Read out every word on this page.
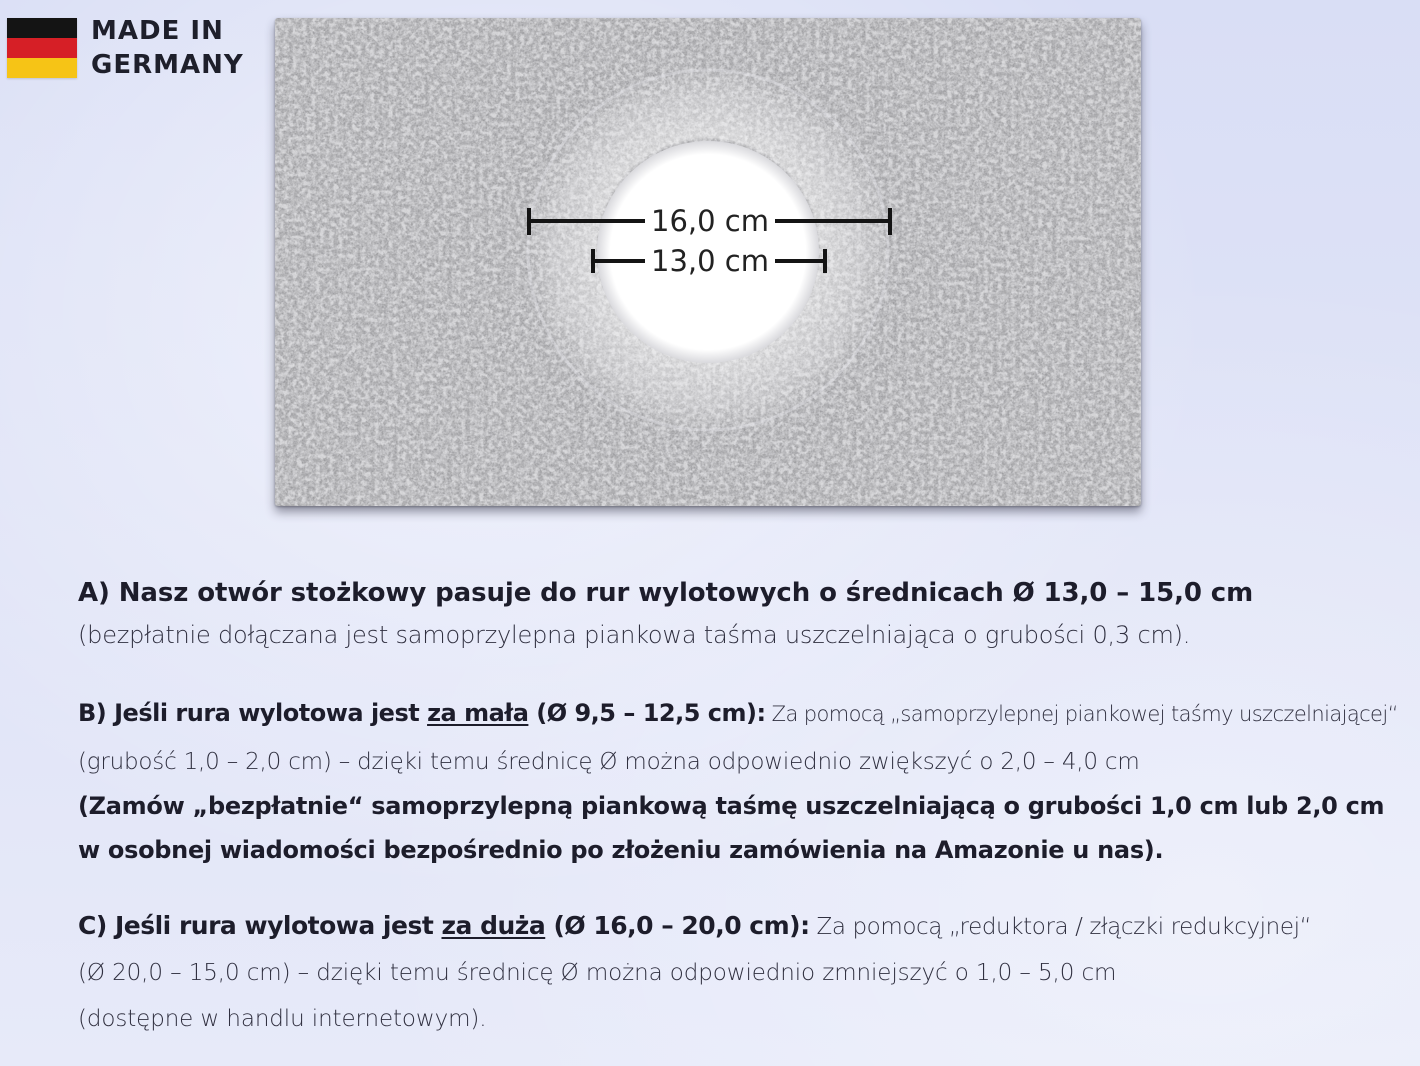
MADE IN
GERMANY
16,0 cm
13,0 cm
A) Nasz otwór stożkowy pasuje do rur wylotowych o średnicach Ø 13,0 – 15,0 cm
(bezpłatnie dołączana jest samoprzylepna piankowa taśma uszczelniająca o grubości 0,3 cm).
B) Jeśli rura wylotowa jest za mała (Ø 9,5 – 12,5 cm): Za pomocą „samoprzylepnej piankowej taśmy uszczelniającej“
(grubość 1,0 – 2,0 cm) – dzięki temu średnicę Ø można odpowiednio zwiększyć o 2,0 – 4,0 cm
(Zamów „bezpłatnie“ samoprzylepną piankową taśmę uszczelniającą o grubości 1,0 cm lub 2,0 cm
w osobnej wiadomości bezpośrednio po złożeniu zamówienia na Amazonie u nas).
C) Jeśli rura wylotowa jest za duża (Ø 16,0 – 20,0 cm): Za pomocą „reduktora / złączki redukcyjnej“
(Ø 20,0 – 15,0 cm) – dzięki temu średnicę Ø można odpowiednio zmniejszyć o 1,0 – 5,0 cm
(dostępne w handlu internetowym).
